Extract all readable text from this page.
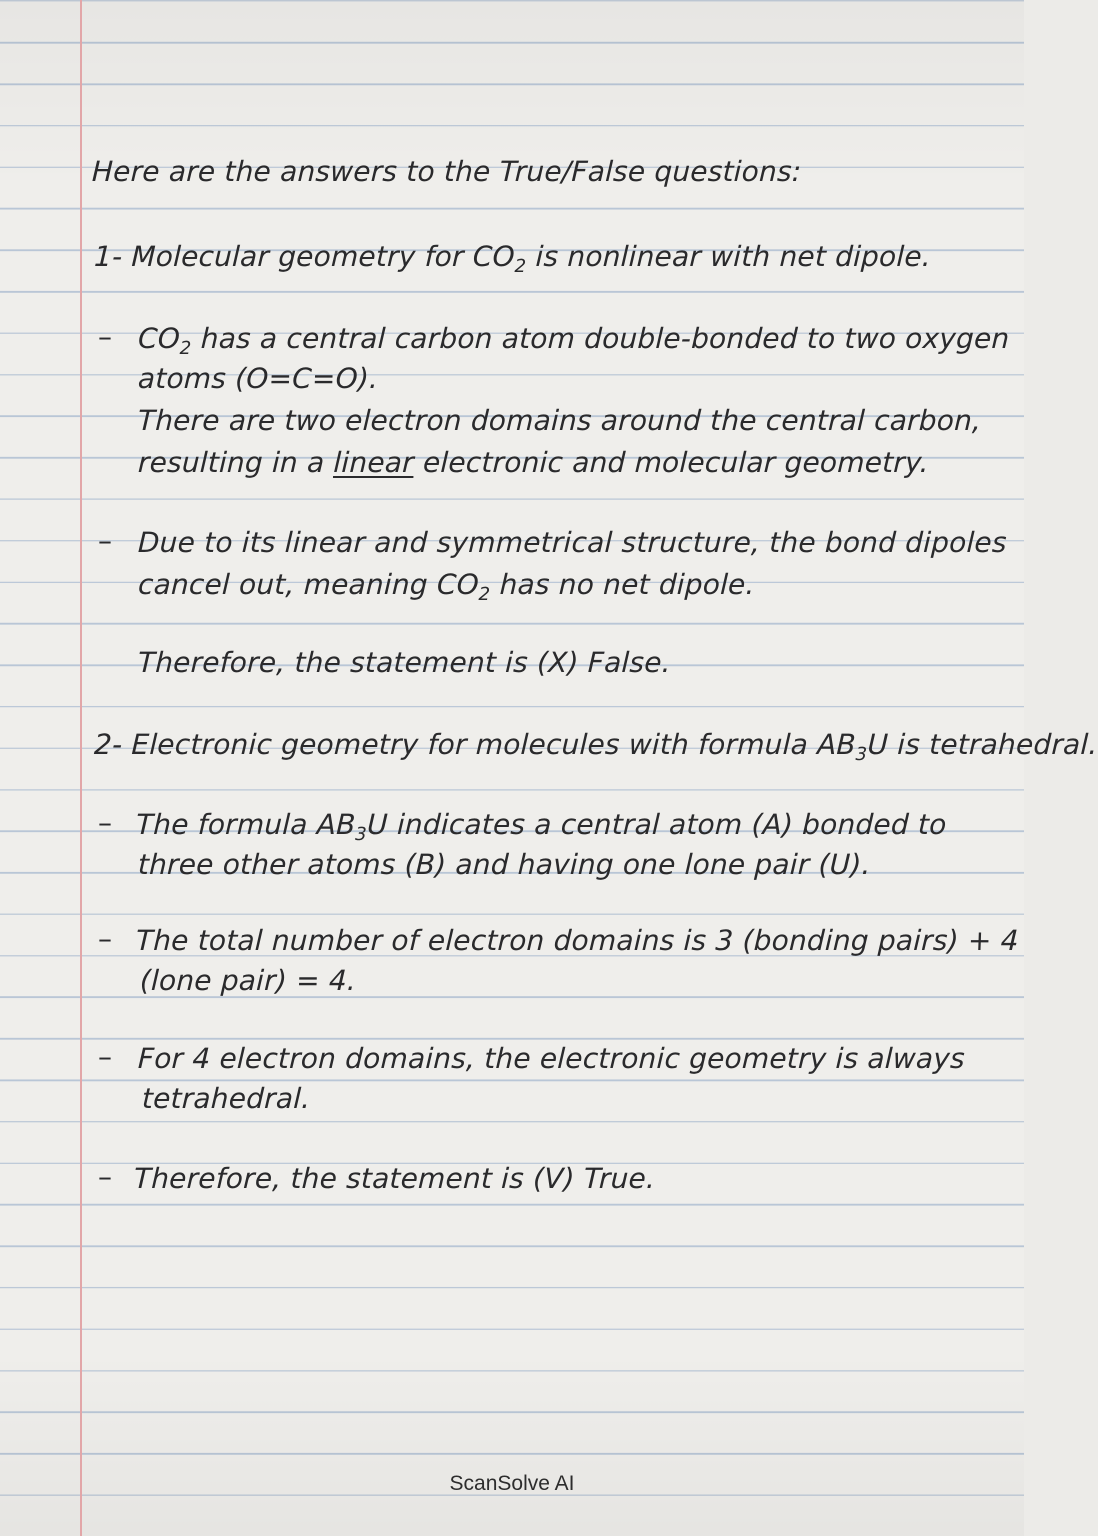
Here are the answers to the True/False questions:
1- Molecular geometry for $CO_2$ is nonlinear with net dipole.
– $CO_2$ has a central carbon atom double-bonded to two oxygen
atoms (O=C=O).
There are two electron domains around the central carbon,
resulting in a linear electronic and molecular geometry.
– Due to its linear and symmetrical structure, the bond dipoles
cancel out, meaning $CO_2$ has no net dipole.
Therefore, the statement is (X) False.
2- Electronic geometry for molecules with formula $AB_3U$ is tetrahedral.
– The formula $AB_3U$ indicates a central atom (A) bonded to
three other atoms (B) and having one lone pair (U).
– The total number of electron domains is 3 (bonding pairs) + 4
(lone pair) = 4.
– For 4 electron domains, the electronic geometry is always
tetrahedral.
– Therefore, the statement is (V) True.
ScanSolve AI
